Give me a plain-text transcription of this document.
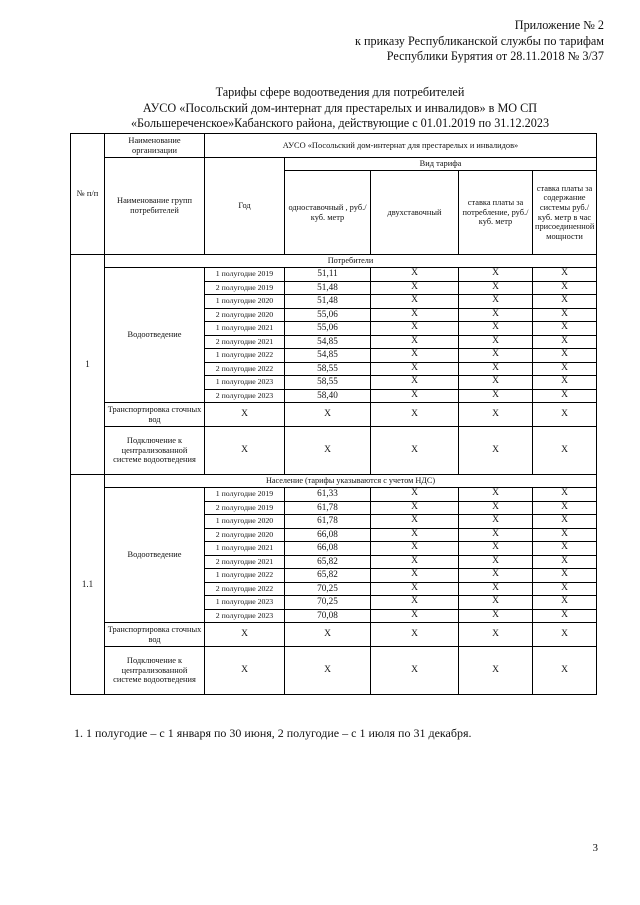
Приложение № 2
к приказу Республиканской службы по тарифам
Республики Бурятия от 28.11.2018 № 3/37
Тарифы сфере водоотведения для потребителей
АУСО «Посольский дом-интернат для престарелых и инвалидов» в МО СП
«Большереченское»Кабанского района, действующие с 01.01.2019 по 31.12.2023
№ п/п	Наименование организации	АУСО «Посольский дом-интернат для престарелых и инвалидов»				
	Наименование групп потребителей	Год	Вид тарифа			
			одноставочный , руб./ куб. метр	двухставочный	ставка платы за потребление, руб./ куб. метр	ставка платы за содержание системы руб./куб. метр в час присоединенной мощности
1	Потребители					
	Водоотведение	1 полугодие 2019	51,11	X	X	X
		2 полугодие 2019	51,48	X	X	X
		1 полугодие 2020	51,48	X	X	X
		2 полугодие 2020	55,06	X	X	X
		1 полугодие 2021	55,06	X	X	X
		2 полугодие 2021	54,85	X	X	X
		1 полугодие 2022	54,85	X	X	X
		2 полугодие 2022	58,55	X	X	X
		1 полугодие 2023	58,55	X	X	X
		2 полугодие 2023	58,40	X	X	X
	Транспортировка сточных вод	X	X	X	X	X
	Подключение к централизованной системе водоотведения	X	X	X	X	X
1.1	Население (тарифы указываются с учетом НДС)					
	Водоотведение	1 полугодие 2019	61,33	X	X	X
		2 полугодие 2019	61,78	X	X	X
		1 полугодие 2020	61,78	X	X	X
		2 полугодие 2020	66,08	X	X	X
		1 полугодие 2021	66,08	X	X	X
		2 полугодие 2021	65,82	X	X	X
		1 полугодие 2022	65,82	X	X	X
		2 полугодие 2022	70,25	X	X	X
		1 полугодие 2023	70,25	X	X	X
		2 полугодие 2023	70,08	X	X	X
	Транспортировка сточных вод	X	X	X	X	X
	Подключение к централизованной системе водоотведения	X	X	X	X	X
1. 1 полугодие – с 1 января по 30 июня, 2 полугодие – с 1 июля по 31 декабря.
3
